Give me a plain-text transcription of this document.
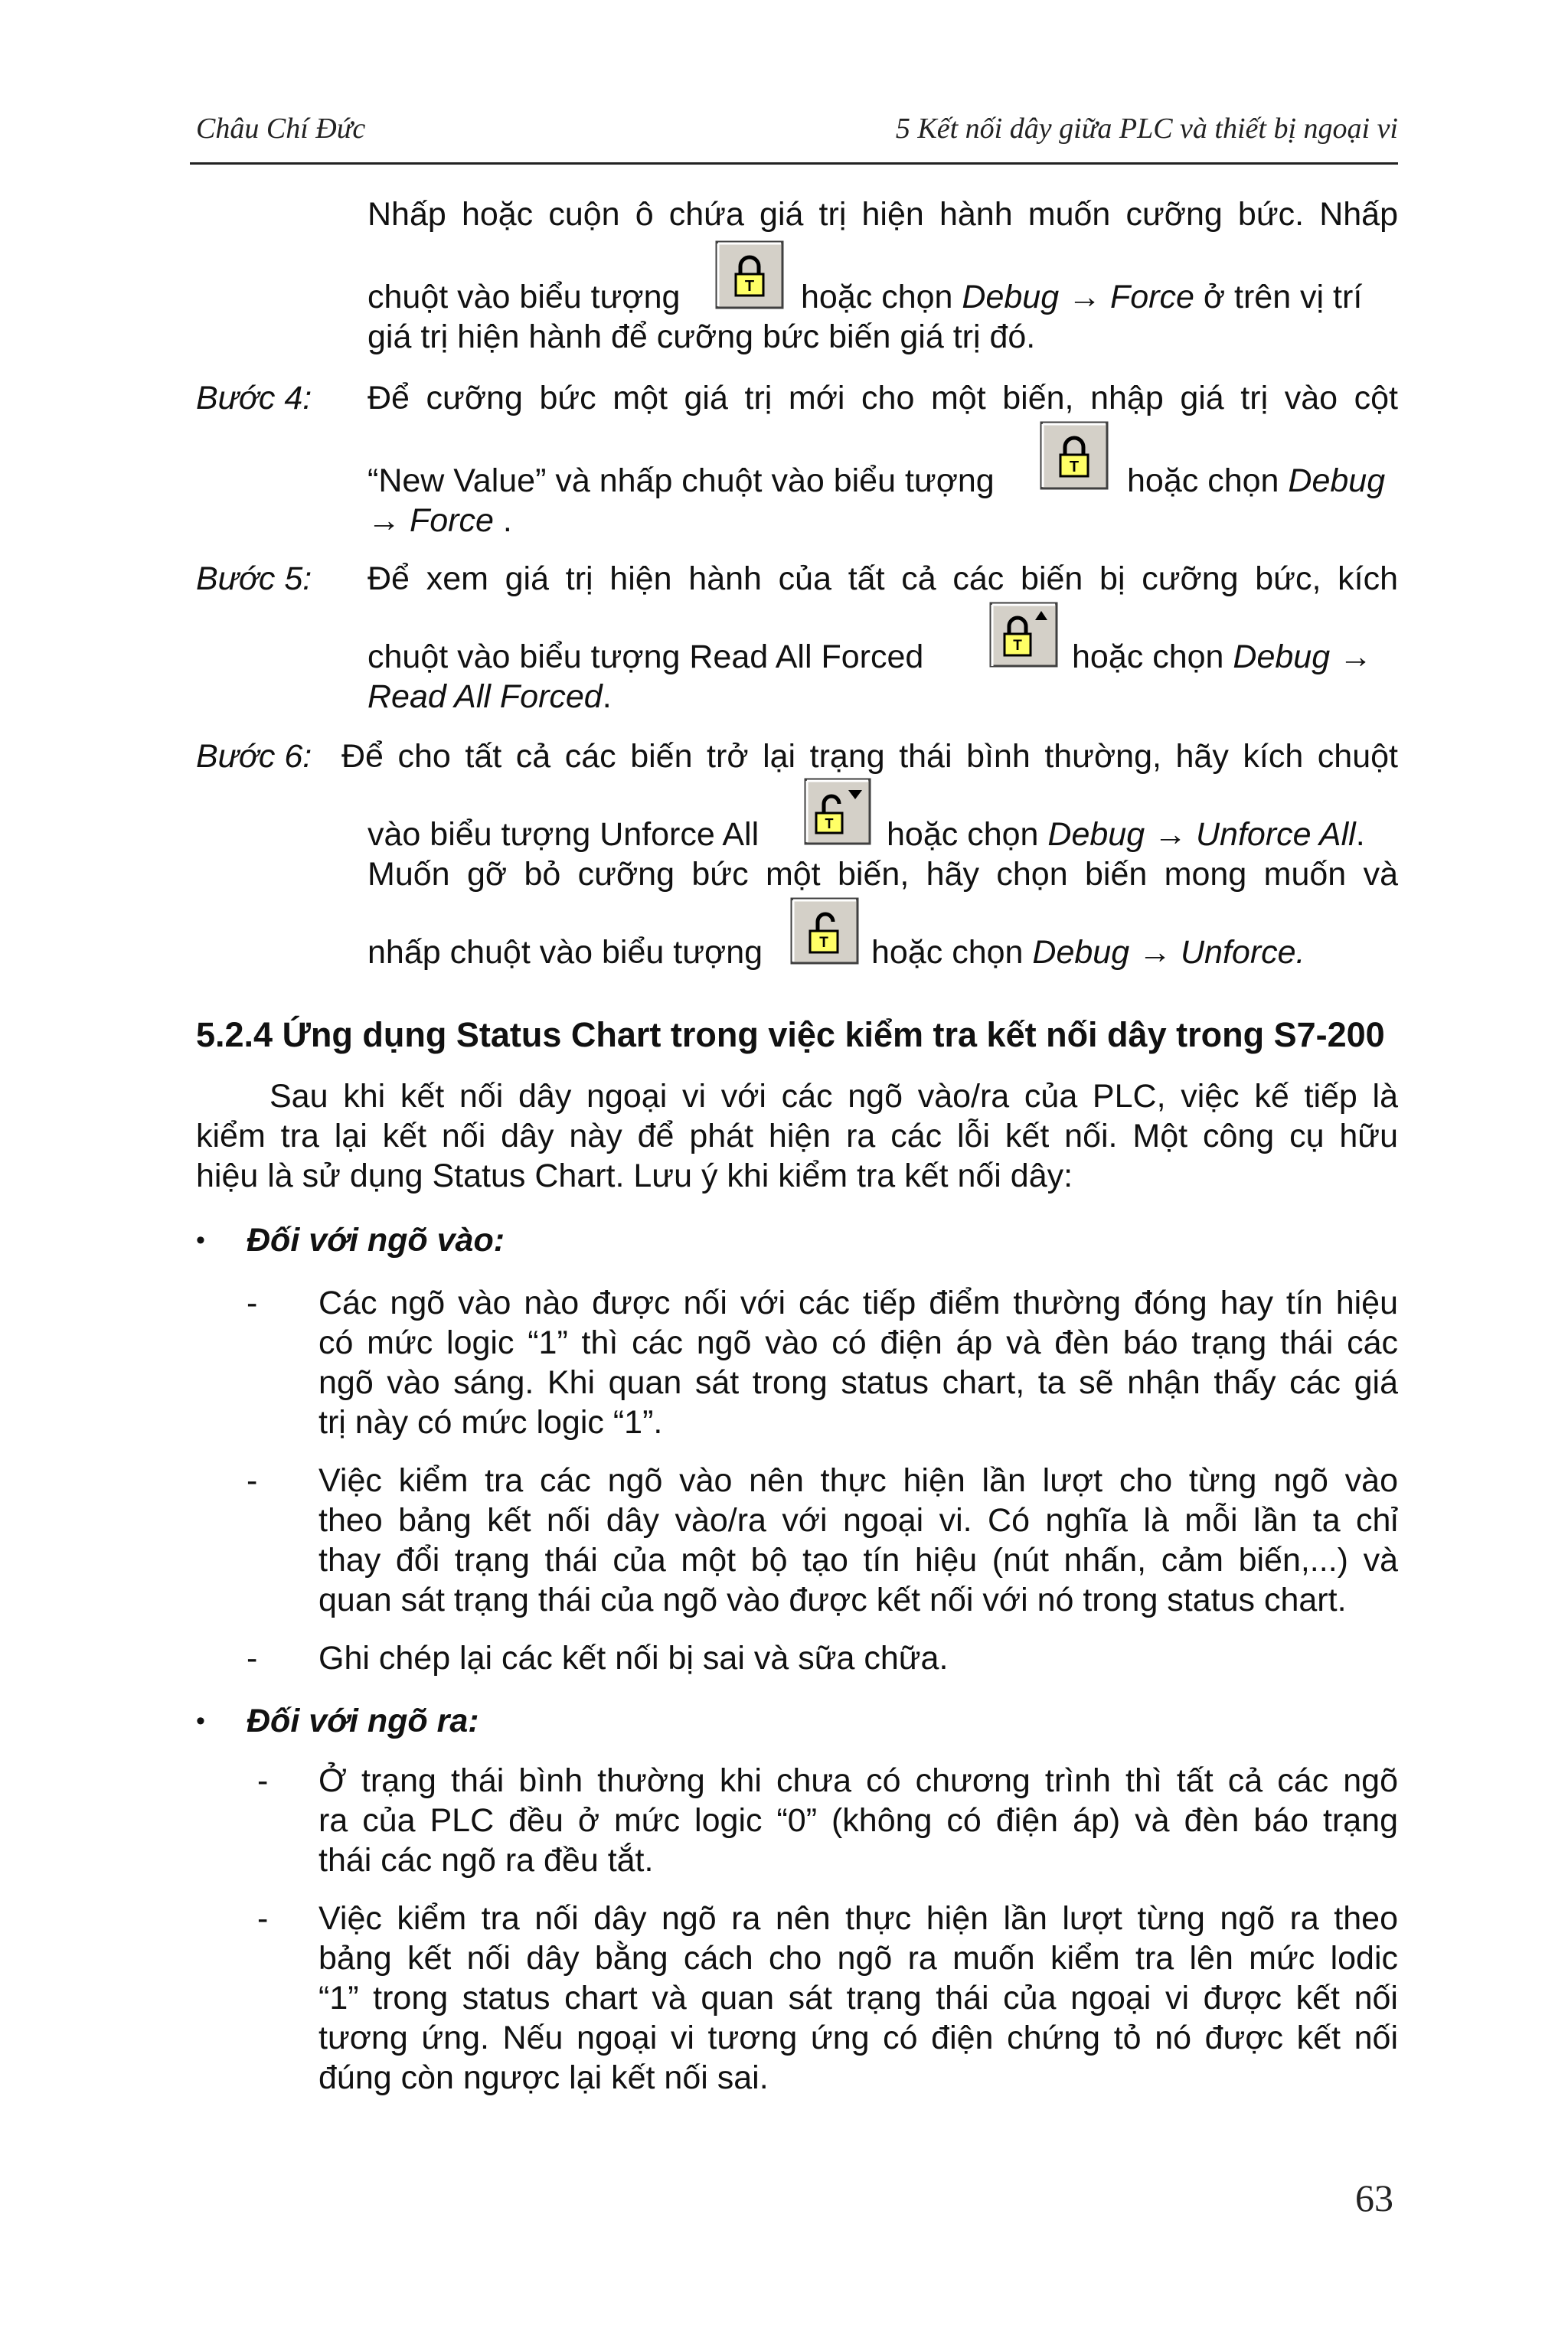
Châu Chí Đức	5 Kết nối dây giữa PLC và thiết bị ngoại vi
Nhấp hoặc cuộn ô chứa giá trị hiện hành muốn cưỡng bức. Nhấp
chuột vào biểu tượng	T hoặc chọn Debug → Force ở trên vị trí
giá trị hiện hành để cưỡng bức biến giá trị đó.
Bước 4: Để cưỡng bức một giá trị mới cho một biến, nhập giá trị vào cột
“New Value” và nhấp chuột vào biểu tượng	T hoặc chọn Debug
→ Force .
Bước 5: Để xem giá trị hiện hành của tất cả các biến bị cưỡng bức, kích
chuột vào biểu tượng Read All Forced	T hoặc chọn Debug →
Read All Forced.
Bước 6: Để cho tất cả các biến trở lại trạng thái bình thường, hãy kích chuột
vào biểu tượng Unforce All	T hoặc chọn Debug → Unforce All.
Muốn gỡ bỏ cưỡng bức một biến, hãy chọn biến mong muốn và
nhấp chuột vào biểu tượng	T hoặc chọn Debug → Unforce.
5.2.4 Ứng dụng Status Chart trong việc kiểm tra kết nối dây trong S7-200
Sau khi kết nối dây ngoại vi với các ngõ vào/ra của PLC, việc kế tiếp là
kiểm tra lại kết nối dây này để phát hiện ra các lỗi kết nối. Một công cụ hữu
hiệu là sử dụng Status Chart. Lưu ý khi kiểm tra kết nối dây:
• Đối với ngõ vào:
- Các ngõ vào nào được nối với các tiếp điểm thường đóng hay tín hiệu
có mức logic “1” thì các ngõ vào có điện áp và đèn báo trạng thái các
ngõ vào sáng. Khi quan sát trong status chart, ta sẽ nhận thấy các giá
trị này có mức logic “1”.
- Việc kiểm tra các ngõ vào nên thực hiện lần lượt cho từng ngõ vào
theo bảng kết nối dây vào/ra với ngoại vi. Có nghĩa là mỗi lần ta chỉ
thay đổi trạng thái của một bộ tạo tín hiệu (nút nhấn, cảm biến,...) và
quan sát trạng thái của ngõ vào được kết nối với nó trong status chart.
- Ghi chép lại các kết nối bị sai và sữa chữa.
• Đối với ngõ ra:
- Ở trạng thái bình thường khi chưa có chương trình thì tất cả các ngõ
ra của PLC đều ở mức logic “0” (không có điện áp) và đèn báo trạng
thái các ngõ ra đều tắt.
- Việc kiểm tra nối dây ngõ ra nên thực hiện lần lượt từng ngõ ra theo
bảng kết nối dây bằng cách cho ngõ ra muốn kiểm tra lên mức lodic
“1” trong status chart và quan sát trạng thái của ngoại vi được kết nối
tương ứng. Nếu ngoại vi tương ứng có điện chứng tỏ nó được kết nối
đúng còn ngược lại kết nối sai.
63
